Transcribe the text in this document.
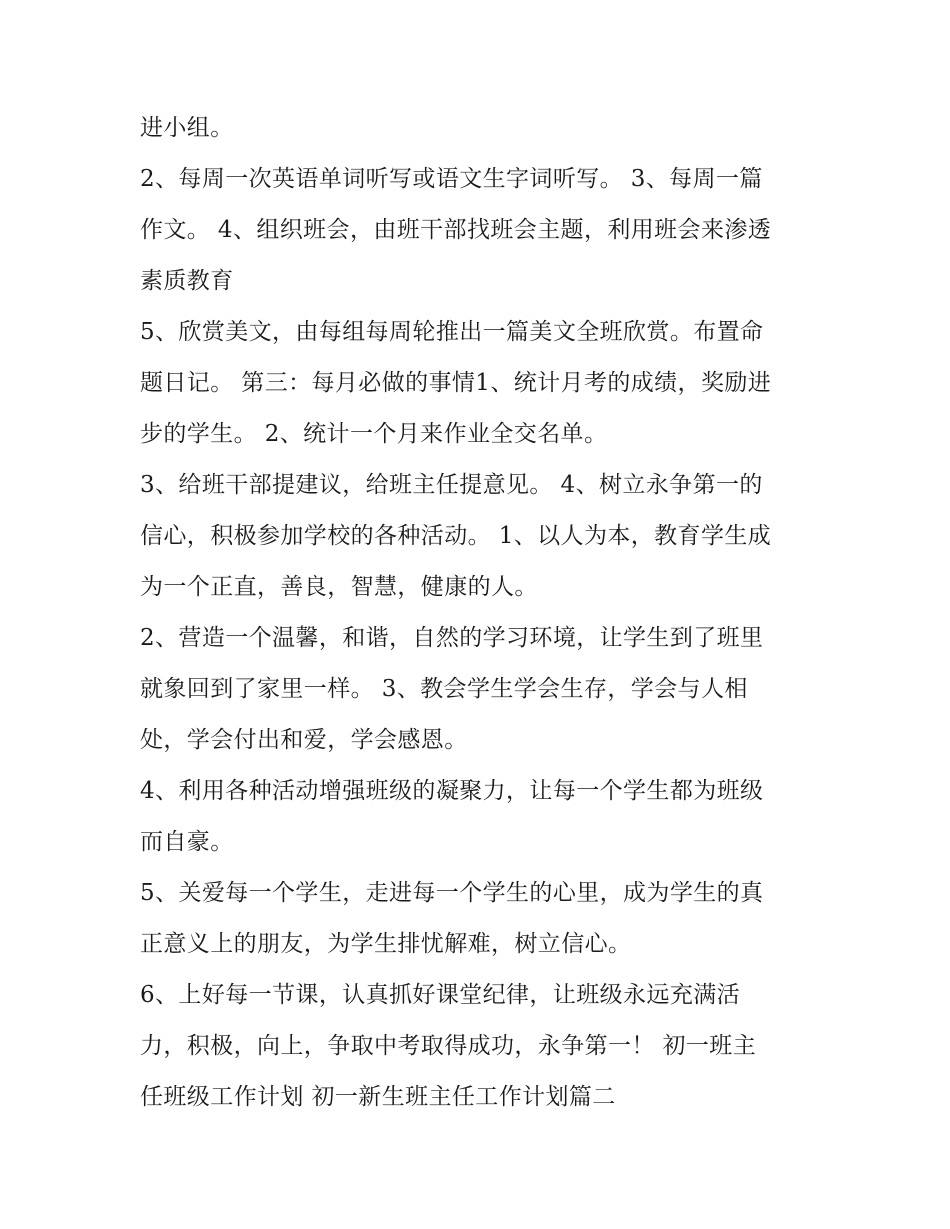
进小组。
2、每周一次英语单词听写或语文生字词听写。 3、每周一篇
作文。 4、组织班会，由班干部找班会主题，利用班会来渗透
素质教育
5、欣赏美文，由每组每周轮推出一篇美文全班欣赏。布置命
题日记。 第三：每月必做的事情1、统计月考的成绩，奖励进
步的学生。 2、统计一个月来作业全交名单。
3、给班干部提建议，给班主任提意见。 4、树立永争第一的
信心，积极参加学校的各种活动。 1、以人为本，教育学生成
为一个正直，善良，智慧，健康的人。
2、营造一个温馨，和谐，自然的学习环境，让学生到了班里
就象回到了家里一样。 3、教会学生学会生存，学会与人相
处，学会付出和爱，学会感恩。
4、利用各种活动增强班级的凝聚力，让每一个学生都为班级
而自豪。
5、关爱每一个学生，走进每一个学生的心里，成为学生的真
正意义上的朋友，为学生排忧解难，树立信心。
6、上好每一节课，认真抓好课堂纪律，让班级永远充满活
力，积极，向上，争取中考取得成功，永争第一！ 初一班主
任班级工作计划 初一新生班主任工作计划篇二
